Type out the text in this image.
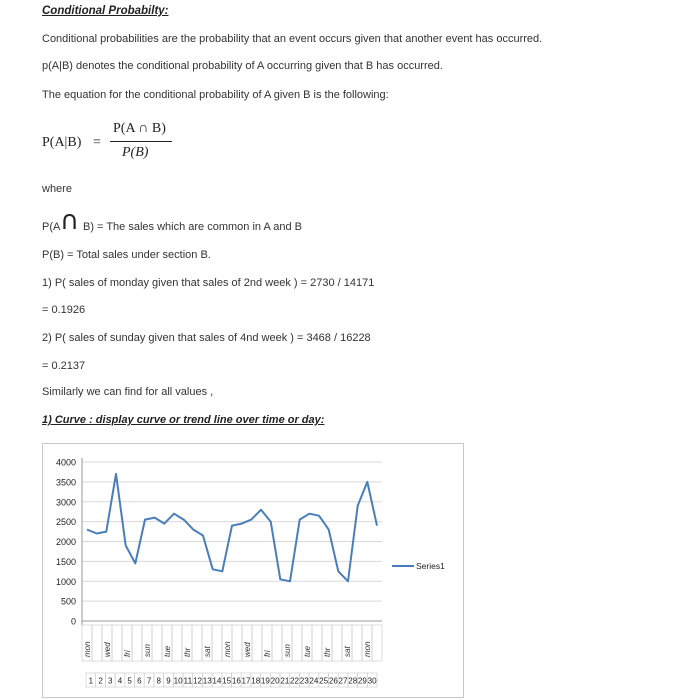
Conditional Probabilty:
Conditional probabilities are the probability that an event occurs given that another event has occurred.
p(A|B) denotes the conditional probability of A occurring given that B has occurred.
The equation for the conditional probability of A given B is the following:
P(A|B) =
P(A ∩ B)
P(B)
where
P(A ∩ B) = The sales which are common in A and B
P(B) = Total sales under section B.
1) P( sales of monday given that sales of 2nd week ) = 2730 / 14171
= 0.1926
2) P( sales of sunday given that sales of 4nd week ) = 3468 / 16228
= 0.2137
Similarly we can find for all values ,
1) Curve : display curve or trend line over time or day:
0
500
1000
1500
2000
2500
3000
3500
4000
mon wed fri sun tue thr sat mon wed fri sun tue thr sat mon
1 2 3 4 5 6 7 8 9 10 11 12 13 14 15 16 17 18 19 20 21 22 23 24 25 26 27 28 29 30
Series1
